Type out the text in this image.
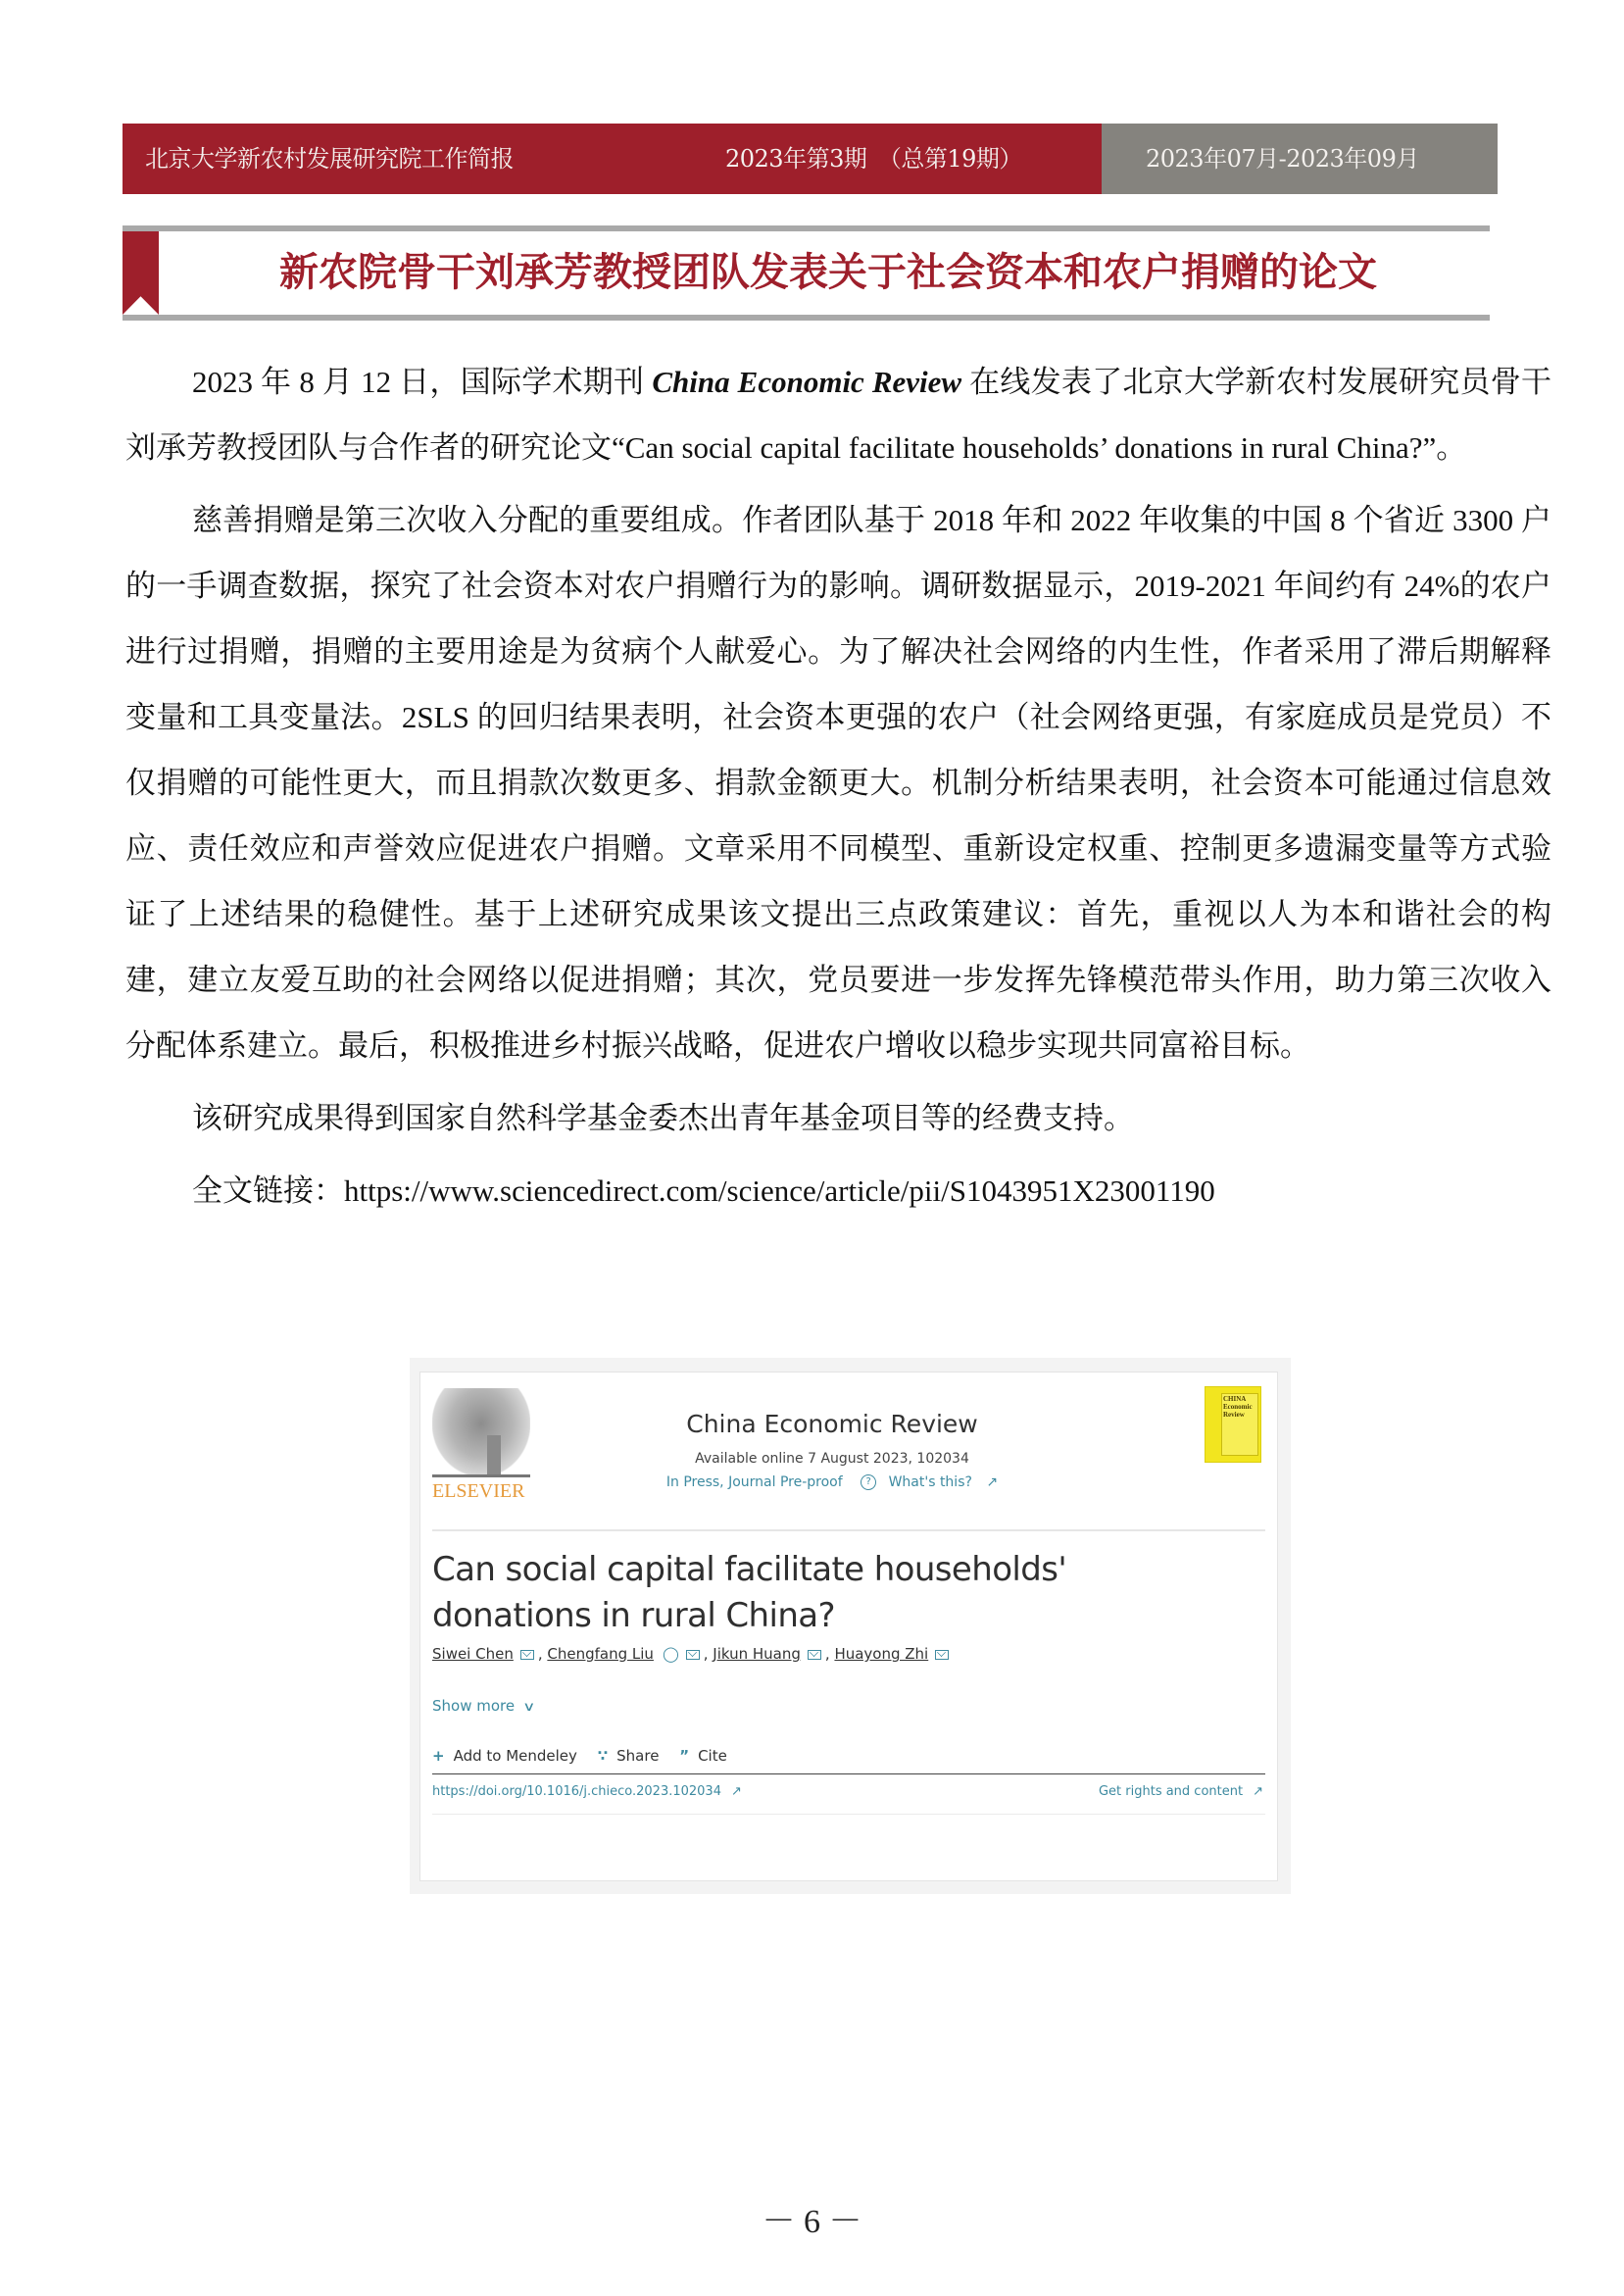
北京大学新农村发展研究院工作简报	2023年第3期　（总第19期）	2023年07月-2023年09月
新农院骨干刘承芳教授团队发表关于社会资本和农户捐赠的论文

2023 年 8 月 12 日，国际学术期刊 China Economic Review 在线发表了北京大学新农村发展研究员骨干刘承芳教授团队与合作者的研究论文“Can social capital facilitate households’ donations in rural China?”。

慈善捐赠是第三次收入分配的重要组成。作者团队基于 2018 年和 2022 年收集的中国 8 个省近 3300 户的一手调查数据，探究了社会资本对农户捐赠行为的影响。调研数据显示，2019-2021 年间约有 24%的农户进行过捐赠，捐赠的主要用途是为贫病个人献爱心。为了解决社会网络的内生性，作者采用了滞后期解释变量和工具变量法。2SLS 的回归结果表明，社会资本更强的农户（社会网络更强，有家庭成员是党员）不仅捐赠的可能性更大，而且捐款次数更多、捐款金额更大。机制分析结果表明，社会资本可能通过信息效应、责任效应和声誉效应促进农户捐赠。文章采用不同模型、重新设定权重、控制更多遗漏变量等方式验证了上述结果的稳健性。基于上述研究成果该文提出三点政策建议：首先，重视以人为本和谐社会的构建，建立友爱互助的社会网络以促进捐赠；其次，党员要进一步发挥先锋模范带头作用，助力第三次收入分配体系建立。最后，积极推进乡村振兴战略，促进农户增收以稳步实现共同富裕目标。

该研究成果得到国家自然科学基金委杰出青年基金项目等的经费支持。

全文链接：https://www.sciencedirect.com/science/article/pii/S1043951X23001190

ELSEVIER
China Economic Review
Available online 7 August 2023, 102034
In Press, Journal Pre-proof ? What's this? ↗
CHINA Economic Review
Can social capital facilitate households' donations in rural China?
Siwei Chen , Chengfang Liu ◯ , Jikun Huang , Huayong Zhi
Show more ∨
+ Add to Mendeley ∵ Share ” Cite
https://doi.org/10.1016/j.chieco.2023.102034 ↗	Get rights and content ↗
－ 6 －
